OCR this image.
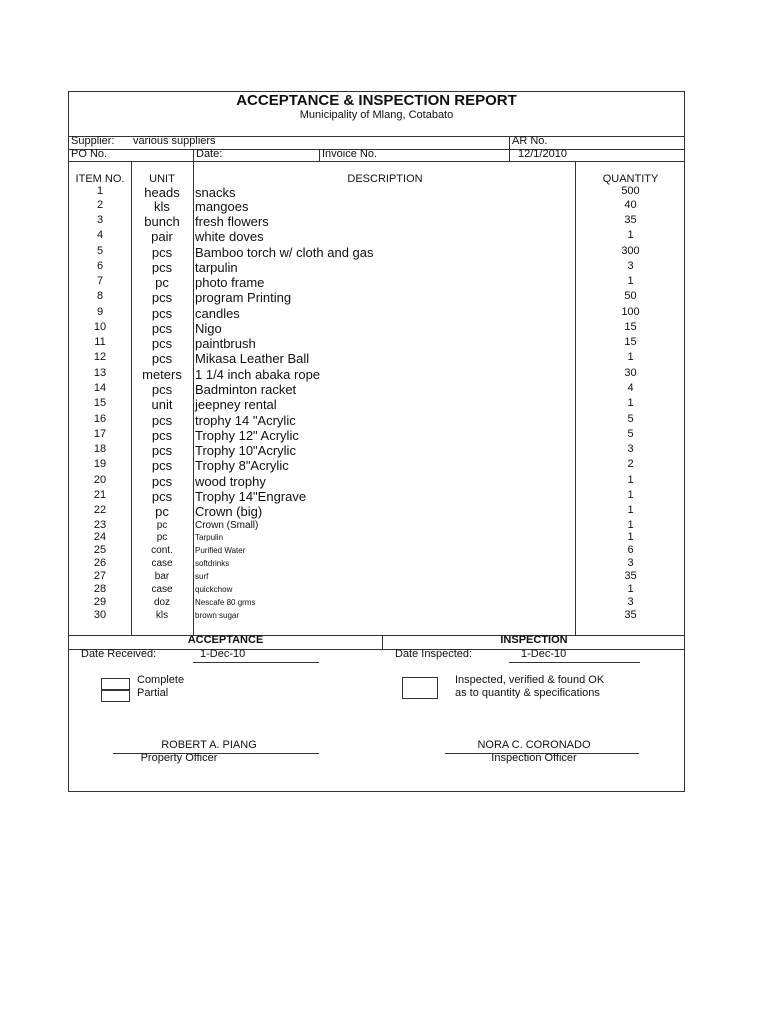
ACCEPTANCE & INSPECTION REPORT
Municipality of Mlang, Cotabato
Supplier: various suppliers	AR No.
PO No.	Date:	Invoice No.	12/1/2010
ITEM NO.	UNIT	DESCRIPTION	QUANTITY
1	heads	snacks	500
2	kls	mangoes	40
3	bunch	fresh flowers	35
4	pair	white doves	1
5	pcs	Bamboo torch w/ cloth and gas	300
6	pcs	tarpulin	3
7	pc	photo frame	1
8	pcs	program Printing	50
9	pcs	candles	100
10	pcs	Nigo	15
11	pcs	paintbrush	15
12	pcs	Mikasa Leather Ball	1
13	meters	1 1/4 inch abaka rope	30
14	pcs	Badminton racket	4
15	unit	jeepney rental	1
16	pcs	trophy 14 "Acrylic	5
17	pcs	Trophy 12" Acrylic	5
18	pcs	Trophy 10"Acrylic	3
19	pcs	Trophy 8"Acrylic	2
20	pcs	wood trophy	1
21	pcs	Trophy 14"Engrave	1
22	pc	Crown (big)	1
23	pc	Crown (Small)	1
24	pc	Tarpulin	1
25	cont.	Purified Water	6
26	case	softdrinks	3
27	bar	surf	35
28	case	quickchow	1
29	doz	Nescafe 80 grms	3
30	kls	brown sugar	35
ACCEPTANCE	INSPECTION
Date Received:	1-Dec-10	Date Inspected:	1-Dec-10
Complete
Partial
Inspected, verified & found OK
as to quantity & specifications
ROBERT A. PIANG
Property Officer
NORA C. CORONADO
Inspection Officer
